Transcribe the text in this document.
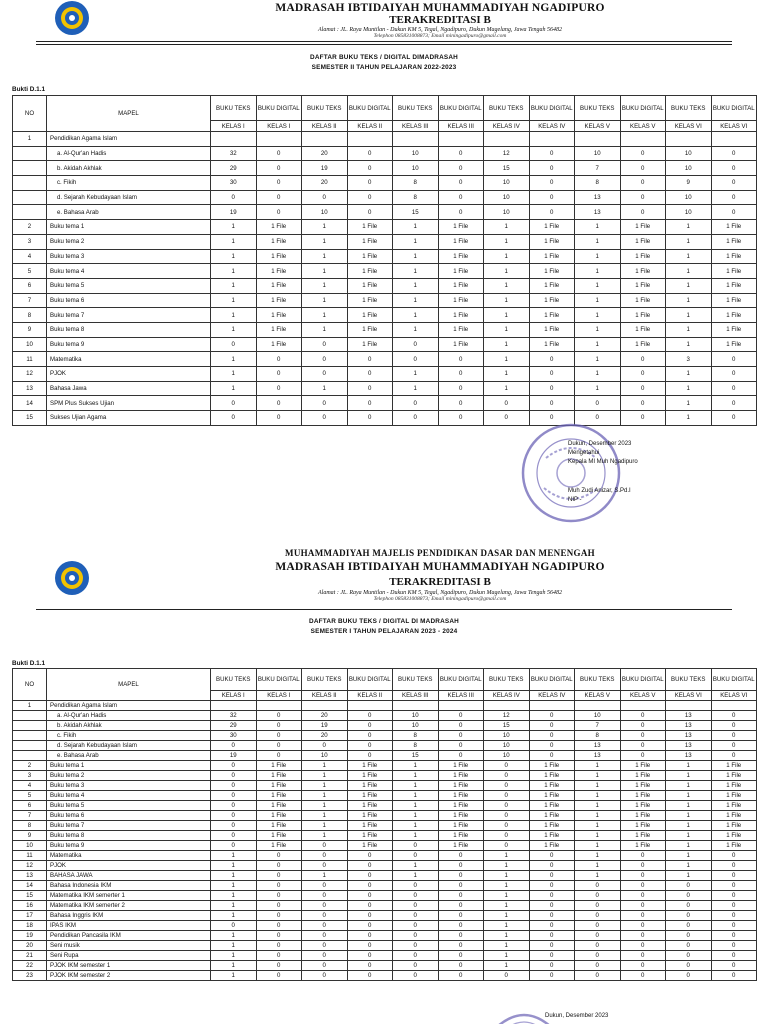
MADRASAH IBTIDAIYAH MUHAMMADIYAH NGADIPURO
TERAKREDITASI B
Alamat : JL. Raya Muntilan - Dukun KM 5, Tegal, Ngadipuro, Dukun Magelang, Jawa Tengah 56482
Telephon 085831008873; Email miningadipuro@gmail.com
DAFTAR BUKU TEKS / DIGITAL DIMADRASAH
SEMESTER II TAHUN PELAJARAN 2022-2023
Bukti D.1.1
NO	MAPEL	BUKU TEKS	BUKU DIGITAL	BUKU TEKS	BUKU DIGITAL	BUKU TEKS	BUKU DIGITAL	BUKU TEKS	BUKU DIGITAL	BUKU TEKS	BUKU DIGITAL	BUKU TEKS	BUKU DIGITAL
		KELAS I	KELAS I	KELAS II	KELAS II	KELAS III	KELAS III	KELAS IV	KELAS IV	KELAS V	KELAS V	KELAS VI	KELAS VI
1	Pendidikan Agama Islam												
	a. Al-Qur'an Hadis	32	0	20	0	10	0	12	0	10	0	10	0
	b. Akidah Akhlak	29	0	19	0	10	0	15	0	7	0	10	0
	c. Fikih	30	0	20	0	8	0	10	0	8	0	9	0
	d. Sejarah Kebudayaan Islam	0	0	0	0	8	0	10	0	13	0	10	0
	e. Bahasa Arab	19	0	10	0	15	0	10	0	13	0	10	0
2	Buku tema 1	1	1 File	1	1 File	1	1 File	1	1 File	1	1 File	1	1 File
3	Buku tema 2	1	1 File	1	1 File	1	1 File	1	1 File	1	1 File	1	1 File
4	Buku tema 3	1	1 File	1	1 File	1	1 File	1	1 File	1	1 File	1	1 File
5	Buku tema 4	1	1 File	1	1 File	1	1 File	1	1 File	1	1 File	1	1 File
6	Buku tema 5	1	1 File	1	1 File	1	1 File	1	1 File	1	1 File	1	1 File
7	Buku tema 6	1	1 File	1	1 File	1	1 File	1	1 File	1	1 File	1	1 File
8	Buku tema 7	1	1 File	1	1 File	1	1 File	1	1 File	1	1 File	1	1 File
9	Buku tema 8	1	1 File	1	1 File	1	1 File	1	1 File	1	1 File	1	1 File
10	Buku tema 9	0	1 File	0	1 File	0	1 File	1	1 File	1	1 File	1	1 File
11	Matematika	1	0	0	0	0	0	1	0	1	0	3	0
12	PJOK	1	0	0	0	1	0	1	0	1	0	1	0
13	Bahasa Jawa	1	0	1	0	1	0	1	0	1	0	1	0
14	SPM Plus Sukses Ujian	0	0	0	0	0	0	0	0	0	0	1	0
15	Sukses Ujian Agama	0	0	0	0	0	0	0	0	0	0	1	0
Dukun, Desember 2023
Mengetahui
Kepala MI Muh Ngadipuro
Muh Zudi Anizar, S.Pd.I
NIP -
MUHAMMADIYAH MAJELIS PENDIDIKAN DASAR DAN MENENGAH
MADRASAH IBTIDAIYAH MUHAMMADIYAH NGADIPURO
TERAKREDITASI B
Alamat : JL. Raya Muntilan - Dukun KM 5, Tegal, Ngadipuro, Dukun Magelang, Jawa Tengah 56482
Telephon 085831008873; Email miningadipuro@gmail.com
DAFTAR BUKU TEKS / DIGITAL DI MADRASAH
SEMESTER I TAHUN PELAJARAN 2023 - 2024
Bukti D.1.1
NO	MAPEL	BUKU TEKS	BUKU DIGITAL	BUKU TEKS	BUKU DIGITAL	BUKU TEKS	BUKU DIGITAL	BUKU TEKS	BUKU DIGITAL	BUKU TEKS	BUKU DIGITAL	BUKU TEKS	BUKU DIGITAL
		KELAS I	KELAS I	KELAS II	KELAS II	KELAS III	KELAS III	KELAS IV	KELAS IV	KELAS V	KELAS V	KELAS VI	KELAS VI
1	Pendidikan Agama Islam												
	a. Al-Qur'an Hadis	32	0	20	0	10	0	12	0	10	0	13	0
	b. Akidah Akhlak	29	0	19	0	10	0	15	0	7	0	13	0
	c. Fikih	30	0	20	0	8	0	10	0	8	0	13	0
	d. Sejarah Kebudayaan Islam	0	0	0	0	8	0	10	0	13	0	13	0
	e. Bahasa Arab	19	0	10	0	15	0	10	0	13	0	13	0
2	Buku tema 1	0	1 File	1	1 File	1	1 File	0	1 File	1	1 File	1	1 File
3	Buku tema 2	0	1 File	1	1 File	1	1 File	0	1 File	1	1 File	1	1 File
4	Buku tema 3	0	1 File	1	1 File	1	1 File	0	1 File	1	1 File	1	1 File
5	Buku tema 4	0	1 File	1	1 File	1	1 File	0	1 File	1	1 File	1	1 File
6	Buku tema 5	0	1 File	1	1 File	1	1 File	0	1 File	1	1 File	1	1 File
7	Buku tema 6	0	1 File	1	1 File	1	1 File	0	1 File	1	1 File	1	1 File
8	Buku tema 7	0	1 File	1	1 File	1	1 File	0	1 File	1	1 File	1	1 File
9	Buku tema 8	0	1 File	1	1 File	1	1 File	0	1 File	1	1 File	1	1 File
10	Buku tema 9	0	1 File	0	1 File	0	1 File	0	1 File	1	1 File	1	1 File
11	Matematika	1	0	0	0	0	0	1	0	1	0	1	0
12	PJOK	1	0	0	0	1	0	1	0	1	0	1	0
13	BAHASA JAWA	1	0	1	0	1	0	1	0	1	0	1	0
14	Bahasa Indonesia IKM	1	0	0	0	0	0	1	0	0	0	0	0
15	Matematika IKM semerter 1	1	0	0	0	0	0	1	0	0	0	0	0
16	Matematika IKM semerter 2	1	0	0	0	0	0	1	0	0	0	0	0
17	Bahasa Inggris IKM	1	0	0	0	0	0	1	0	0	0	0	0
18	IPAS IKM	0	0	0	0	0	0	1	0	0	0	0	0
19	Pendidikan Pancasila IKM	1	0	0	0	0	0	1	0	0	0	0	0
20	Seni musik	1	0	0	0	0	0	1	0	0	0	0	0
21	Seni Rupa	1	0	0	0	0	0	1	0	0	0	0	0
22	PJOK IKM semester 1	1	0	0	0	0	0	1	0	0	0	0	0
23	PJOK IKM semester 2	1	0	0	0	0	0	0	0	0	0	0	0
Dukun, Desember 2023
